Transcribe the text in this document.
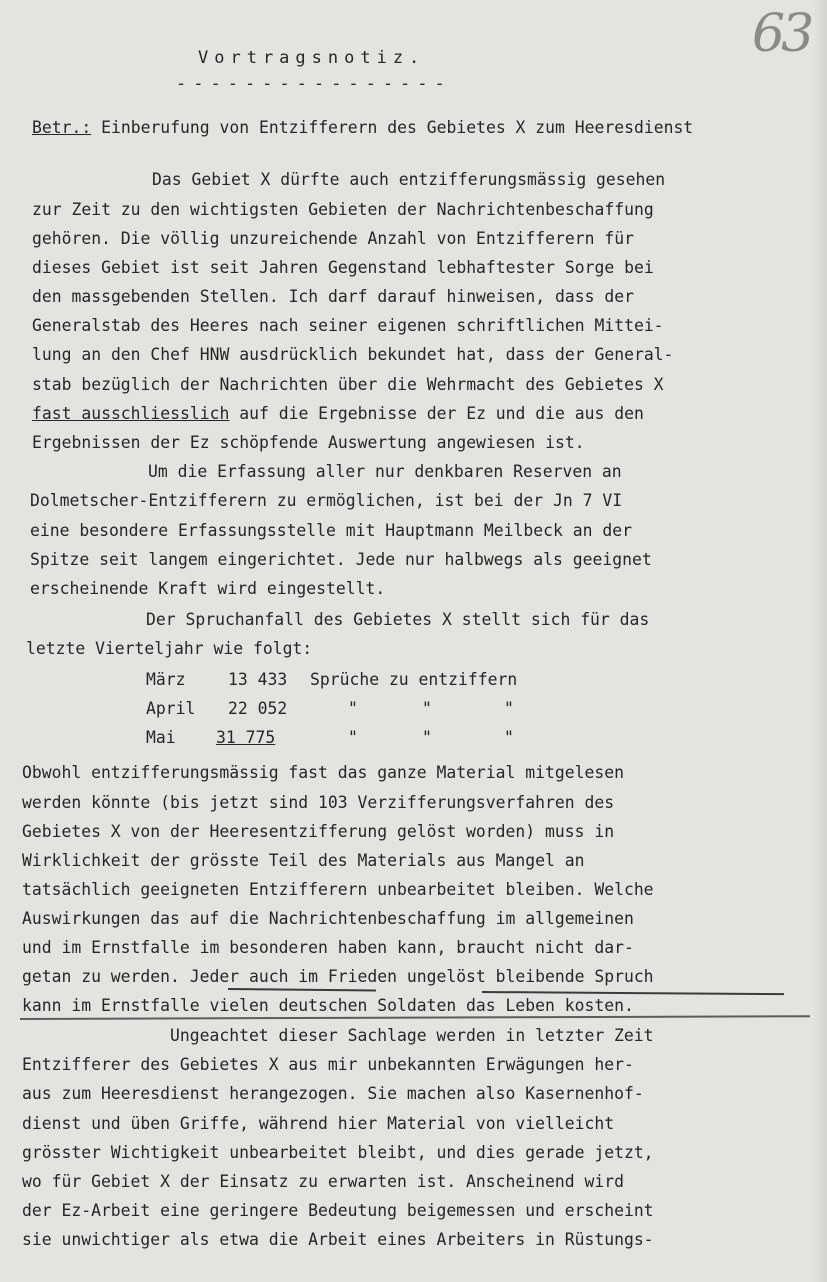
63
Vortragsnotiz.
----------------
Betr.: Einberufung von Entzifferern des Gebietes X zum Heeresdienst
Das Gebiet X dürfte auch entzifferungsmässig gesehen
zur Zeit zu den wichtigsten Gebieten der Nachrichtenbeschaffung
gehören. Die völlig unzureichende Anzahl von Entzifferern für
dieses Gebiet ist seit Jahren Gegenstand lebhaftester Sorge bei
den massgebenden Stellen. Ich darf darauf hinweisen, dass der
Generalstab des Heeres nach seiner eigenen schriftlichen Mittei-
lung an den Chef HNW ausdrücklich bekundet hat, dass der General-
stab bezüglich der Nachrichten über die Wehrmacht des Gebietes X
fast ausschliesslich auf die Ergebnisse der Ez und die aus den
Ergebnissen der Ez schöpfende Auswertung angewiesen ist.
Um die Erfassung aller nur denkbaren Reserven an
Dolmetscher-Entzifferern zu ermöglichen, ist bei der Jn 7 VI
eine besondere Erfassungsstelle mit Hauptmann Meilbeck an der
Spitze seit langem eingerichtet. Jede nur halbwegs als geeignet
erscheinende Kraft wird eingestellt.
Der Spruchanfall des Gebietes X stellt sich für das
letzte Vierteljahr wie folgt:
März	13 433 Sprüche zu entziffern
April 22 052	"	"	"
Mai 31 775	"	"	"
Obwohl entzifferungsmässig fast das ganze Material mitgelesen
werden könnte (bis jetzt sind 103 Verzifferungsverfahren des
Gebietes X von der Heeresentzifferung gelöst worden) muss in
Wirklichkeit der grösste Teil des Materials aus Mangel an
tatsächlich geeigneten Entzifferern unbearbeitet bleiben. Welche
Auswirkungen das auf die Nachrichtenbeschaffung im allgemeinen
und im Ernstfalle im besonderen haben kann, braucht nicht dar-
getan zu werden. Jeder auch im Frieden ungelöst bleibende Spruch
kann im Ernstfalle vielen deutschen Soldaten das Leben kosten.
Ungeachtet dieser Sachlage werden in letzter Zeit
Entzifferer des Gebietes X aus mir unbekannten Erwägungen her-
aus zum Heeresdienst herangezogen. Sie machen also Kasernenhof-
dienst und üben Griffe, während hier Material von vielleicht
grösster Wichtigkeit unbearbeitet bleibt, und dies gerade jetzt,
wo für Gebiet X der Einsatz zu erwarten ist. Anscheinend wird
der Ez-Arbeit eine geringere Bedeutung beigemessen und erscheint
sie unwichtiger als etwa die Arbeit eines Arbeiters in Rüstungs-
